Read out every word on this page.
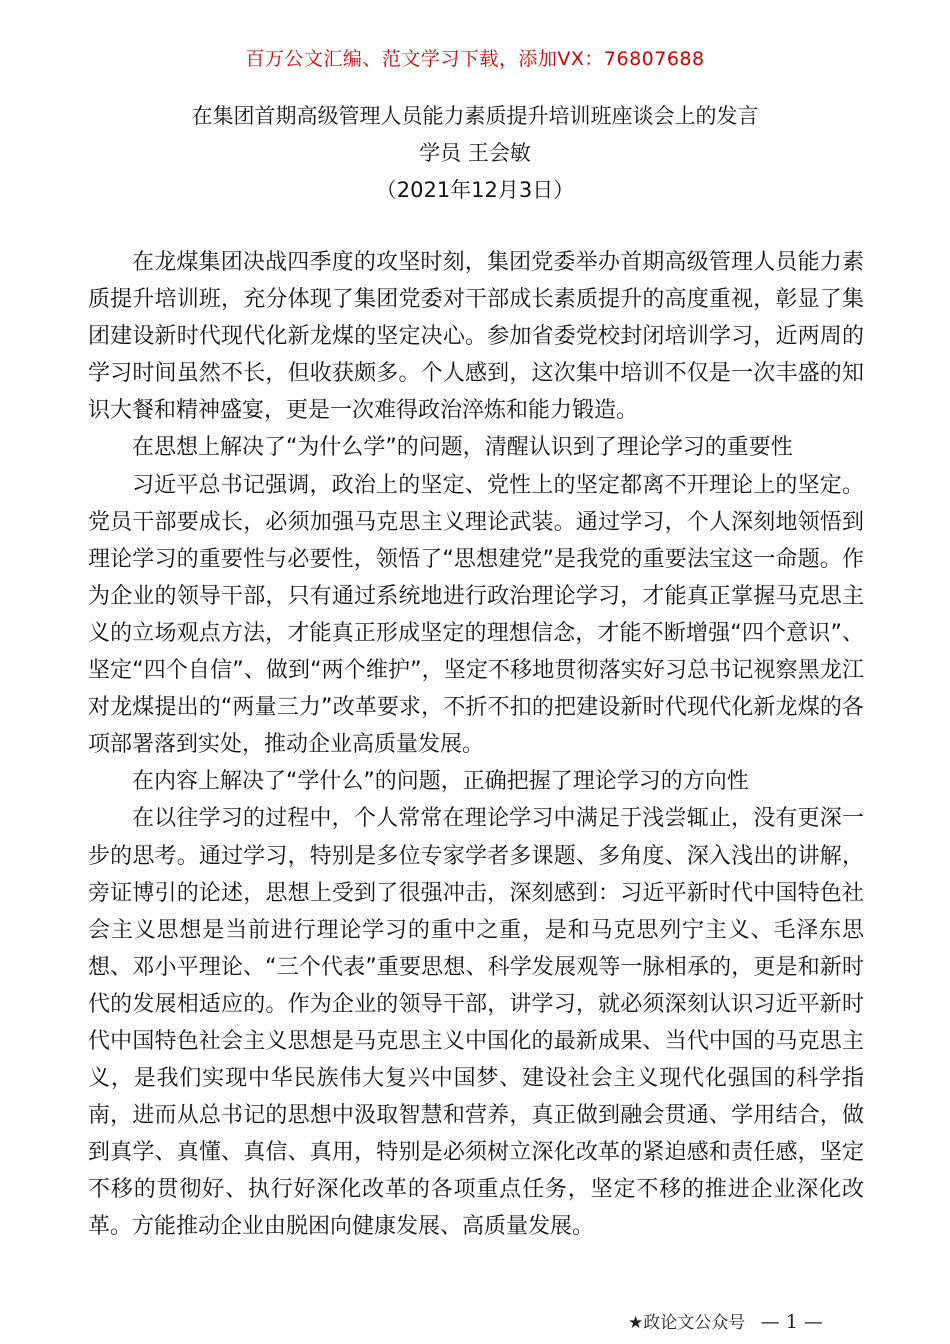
百万公文汇编、范文学习下载，添加VX：76807688
在集团首期高级管理人员能力素质提升培训班座谈会上的发言
学员 王会敏
（2021年12月3日）

在龙煤集团决战四季度的攻坚时刻，集团党委举办首期高级管理人员能力素质提升培训班，充分体现了集团党委对干部成长素质提升的高度重视，彰显了集团建设新时代现代化新龙煤的坚定决心。参加省委党校封闭培训学习，近两周的学习时间虽然不长，但收获颇多。个人感到，这次集中培训不仅是一次丰盛的知识大餐和精神盛宴，更是一次难得政治淬炼和能力锻造。

在思想上解决了“为什么学”的问题，清醒认识到了理论学习的重要性

习近平总书记强调，政治上的坚定、党性上的坚定都离不开理论上的坚定。党员干部要成长，必须加强马克思主义理论武装。通过学习，个人深刻地领悟到理论学习的重要性与必要性，领悟了“思想建党”是我党的重要法宝这一命题。作为企业的领导干部，只有通过系统地进行政治理论学习，才能真正掌握马克思主义的立场观点方法，才能真正形成坚定的理想信念，才能不断增强“四个意识”、坚定“四个自信”、做到“两个维护”，坚定不移地贯彻落实好习总书记视察黑龙江对龙煤提出的“两量三力”改革要求，不折不扣的把建设新时代现代化新龙煤的各项部署落到实处，推动企业高质量发展。

在内容上解决了“学什么”的问题，正确把握了理论学习的方向性

在以往学习的过程中，个人常常在理论学习中满足于浅尝辄止，没有更深一步的思考。通过学习，特别是多位专家学者多课题、多角度、深入浅出的讲解，旁证博引的论述，思想上受到了很强冲击，深刻感到：习近平新时代中国特色社会主义思想是当前进行理论学习的重中之重，是和马克思列宁主义、毛泽东思想、邓小平理论、“三个代表”重要思想、科学发展观等一脉相承的，更是和新时代的发展相适应的。作为企业的领导干部，讲学习，就必须深刻认识习近平新时代中国特色社会主义思想是马克思主义中国化的最新成果、当代中国的马克思主义，是我们实现中华民族伟大复兴中国梦、建设社会主义现代化强国的科学指南，进而从总书记的思想中汲取智慧和营养，真正做到融会贯通、学用结合，做到真学、真懂、真信、真用，特别是必须树立深化改革的紧迫感和责任感，坚定不移的贯彻好、执行好深化改革的各项重点任务，坚定不移的推进企业深化改革。方能推动企业由脱困向健康发展、高质量发展。

★政论文公众号 — 1 —
